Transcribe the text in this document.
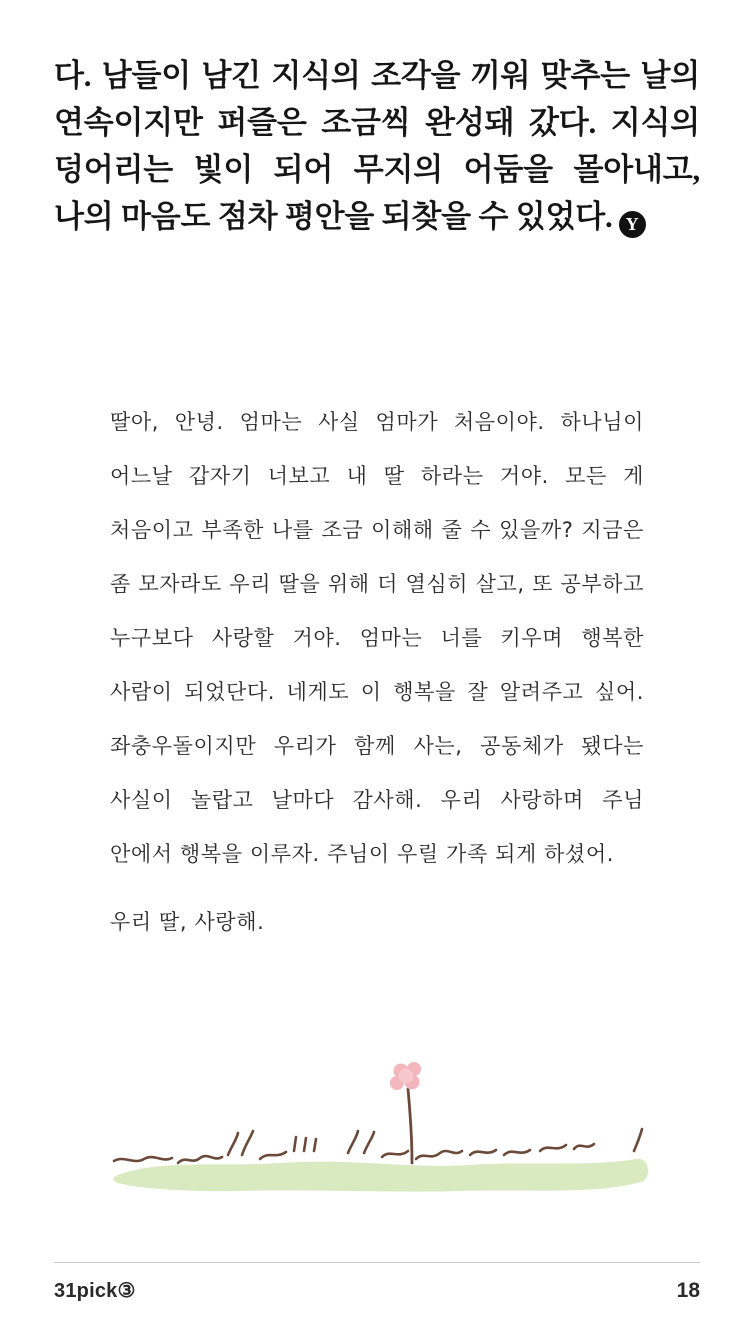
다. 남들이 남긴 지식의 조각을 끼워 맞추는 날의 연속이지만 퍼즐은 조금씩 완성돼 갔다. 지식의 덩어리는 빛이 되어 무지의 어둠을 몰아내고, 나의 마음도 점차 평안을 되찾을 수 있었다. Y

딸아, 안녕. 엄마는 사실 엄마가 처음이야. 하나님이 어느날 갑자기 너보고 내 딸 하라는 거야. 모든 게 처음이고 부족한 나를 조금 이해해 줄 수 있을까? 지금은 좀 모자라도 우리 딸을 위해 더 열심히 살고, 또 공부하고 누구보다 사랑할 거야. 엄마는 너를 키우며 행복한 사람이 되었단다. 네게도 이 행복을 잘 알려주고 싶어. 좌충우돌이지만 우리가 함께 사는, 공동체가 됐다는 사실이 놀랍고 날마다 감사해. 우리 사랑하며 주님 안에서 행복을 이루자. 주님이 우릴 가족 되게 하셨어.

우리 딸, 사랑해.

31pick③	18
